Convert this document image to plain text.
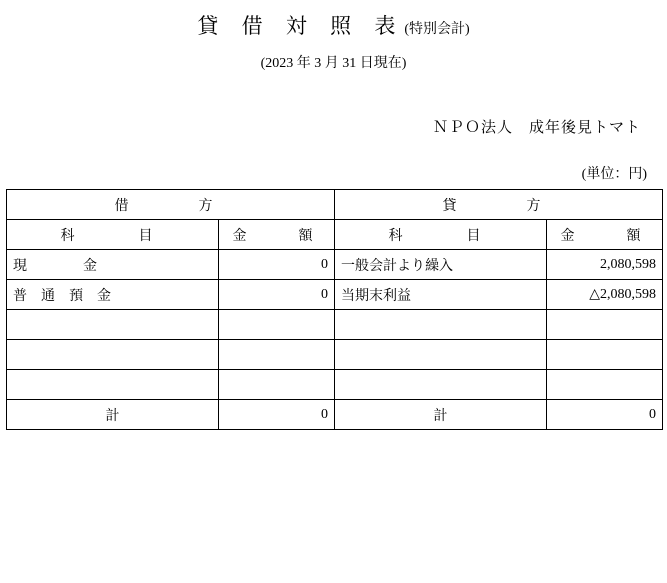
貸 借 対 照 表(特別会計)
(2023 年 3 月 31 日現在)
ＮＰＯ法人　成年後見トマト
(単位：円)
借　　方		貸　　方	
科　　目	金　　額	科　　目	金　　額
現　　　　金	0	一般会計より繰入	2,080,598
普　通　預　金	0	当期末利益	△2,080,598

計	0	計	0
